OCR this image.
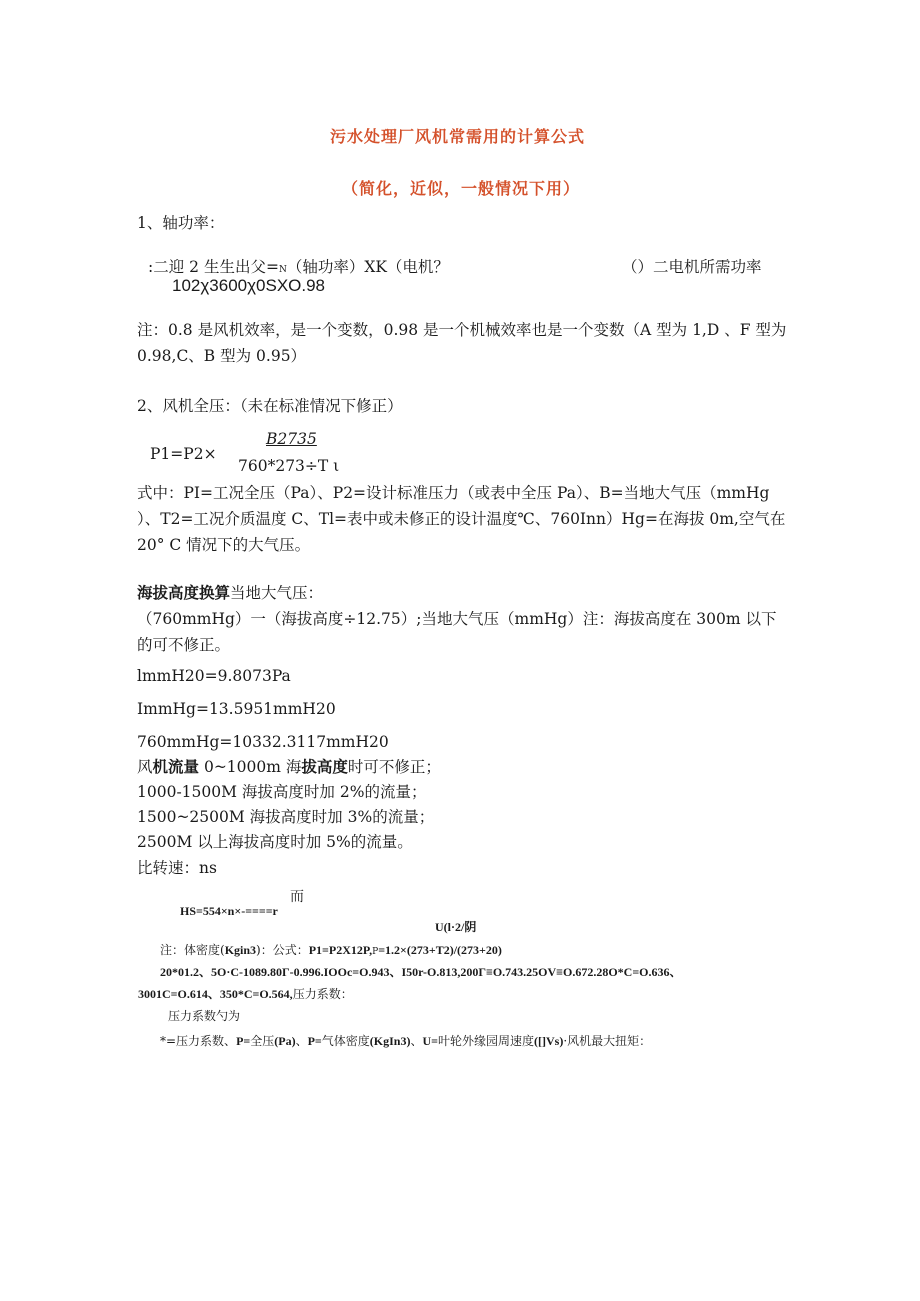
污水处理厂风机常需用的计算公式
（简化，近似，一般情况下用）
1、轴功率：
:二迎 2 生生出父=N（轴功率）XK（电机？	（）二电机所需功率
102χ3600χ0SXO.98
注：0.8 是风机效率，是一个变数，0.98 是一个机械效率也是一个变数（A 型为 1,D 、F 型为 0.98,C、B 型为 0.95）
2、风机全压：（未在标准情况下修正）
B2735
P1=P2×
760*273÷T ι
式中：PI=工况全压（Pa）、P2=设计标准压力（或表中全压 Pa）、B=当地大气压（mmHg ）、T2=工况介质温度 C、Tl=表中或未修正的设计温度℃、760Inn）Hg=在海拔 0m,空气在 20° C 情况下的大气压。
海拔高度换算当地大气压：
（760mmHg）一（海拔高度÷12.75）;当地大气压（mmHg）注：海拔高度在 300m 以下的可不修正。
lmmH20=9.8073Pa
ImmHg=13.5951mmH20
760mmHg=10332.3117mmH20
风机流量 0~1000m 海拔高度时可不修正；
1000-1500M 海拔高度时加 2%的流量；
1500~2500M 海拔高度时加 3%的流量；
2500M 以上海拔高度时加 5%的流量。
比转速：ns
而
HS=554×n×-====r
U(l·2/阴
注：体密度(Kgin3)：公式：P1=P2X12P,P=1.2×(273+T2)/(273+20)
20*01.2、5O·C-1089.80Γ-0.996.IOOc=O.943、I50r-O.813,200Γ≡O.743.25OV≡O.672.28O*C=O.636、
3001C=O.614、350*C=O.564,压力系数：
压力系数勺为
*=压力系数、P=全压(Pa)、P=气体密度(KgIn3)、U=叶轮外缘园周速度([]Vs)·风机最大扭矩：
